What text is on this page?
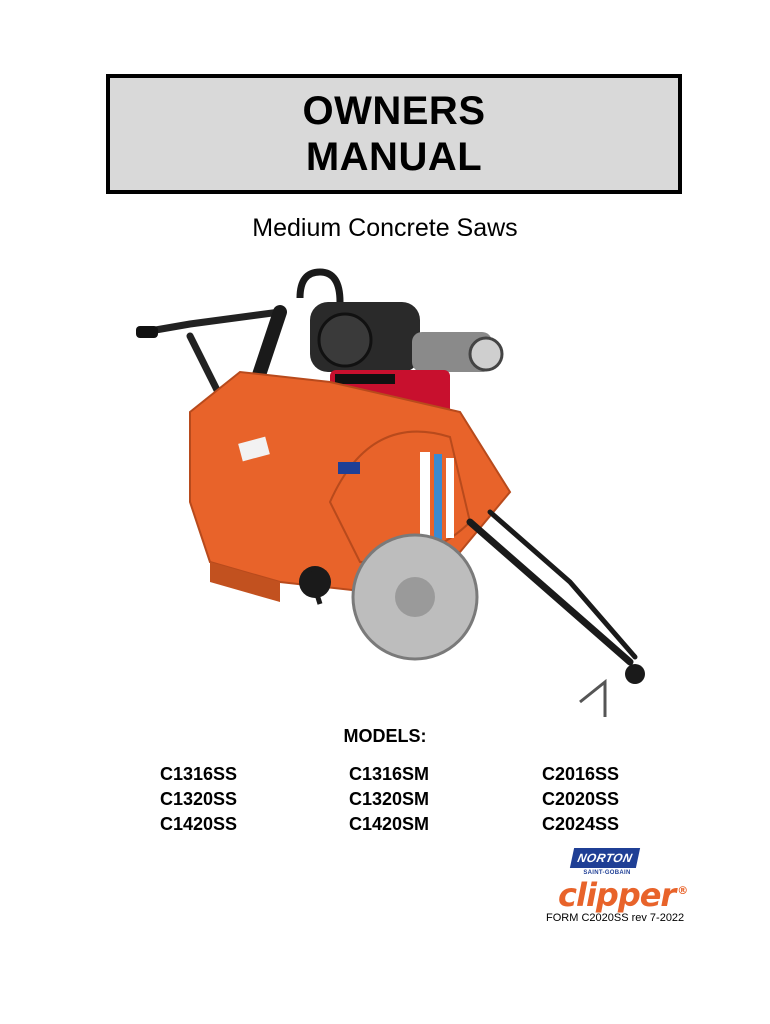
OWNERS
MANUAL
Medium Concrete Saws
MODELS:
C1316SS
C1320SS
C1420SS
C1316SM
C1320SM
C1420SM
C2016SS
C2020SS
C2024SS
NORTON
SAINT-GOBAIN
clipper ®
FORM C2020SS rev 7-2022
